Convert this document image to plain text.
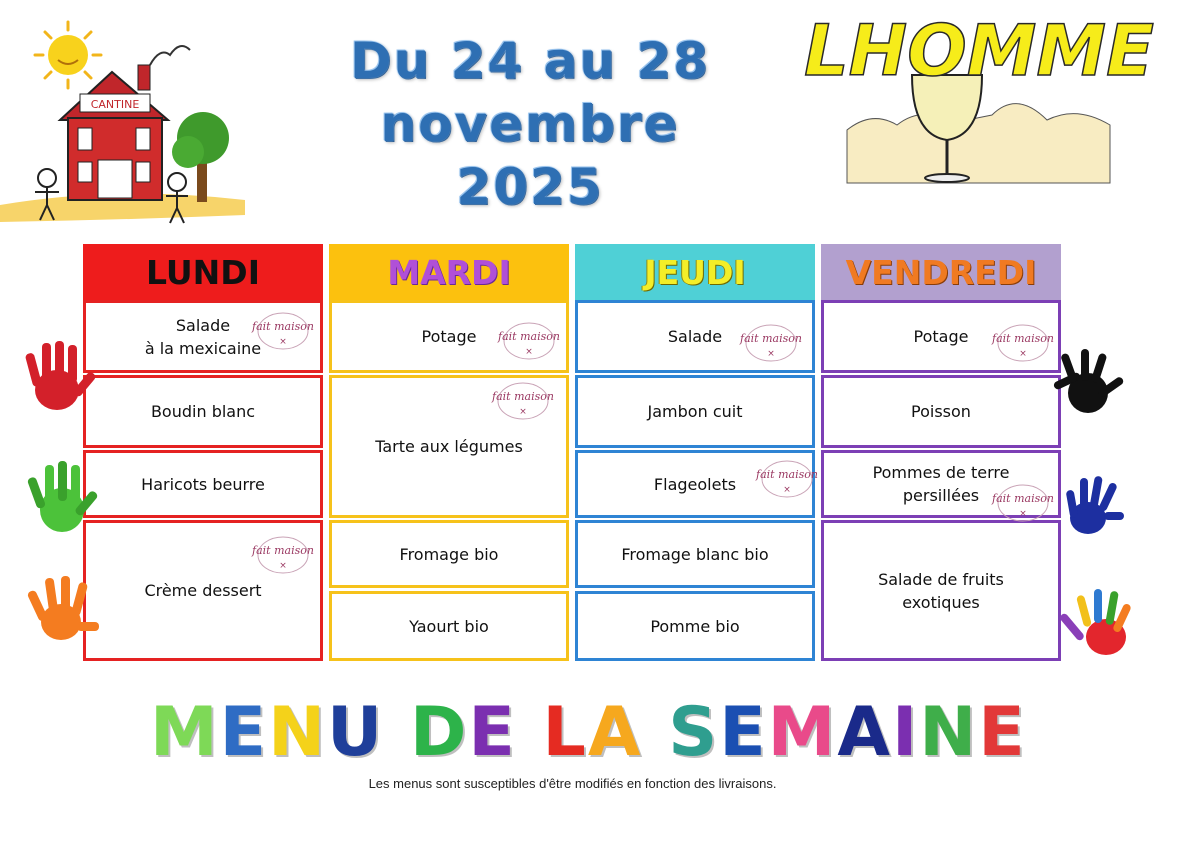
CANTINE
Du 24 au 28
novembre
2025
LHOMME
LUNDI
Salade
à la mexicaine
Boudin blanc
Haricots beurre
Crème dessert
MARDI
Potage
Tarte aux légumes
Fromage bio
Yaourt bio
JEUDI
Salade
Jambon cuit
Flageolets
Fromage blanc bio
Pomme bio
VENDREDI
Potage
Poisson
Pommes de terre persillées
Salade de fruits exotiques
fait maison
×	fait maison
×
fait maison
×
fait maison
×
fait maison
×
fait maison
×
fait maison
×
fait maison
×
MENU DE LA SEMAINE
Les menus sont susceptibles d'être modifiés en fonction des livraisons.
